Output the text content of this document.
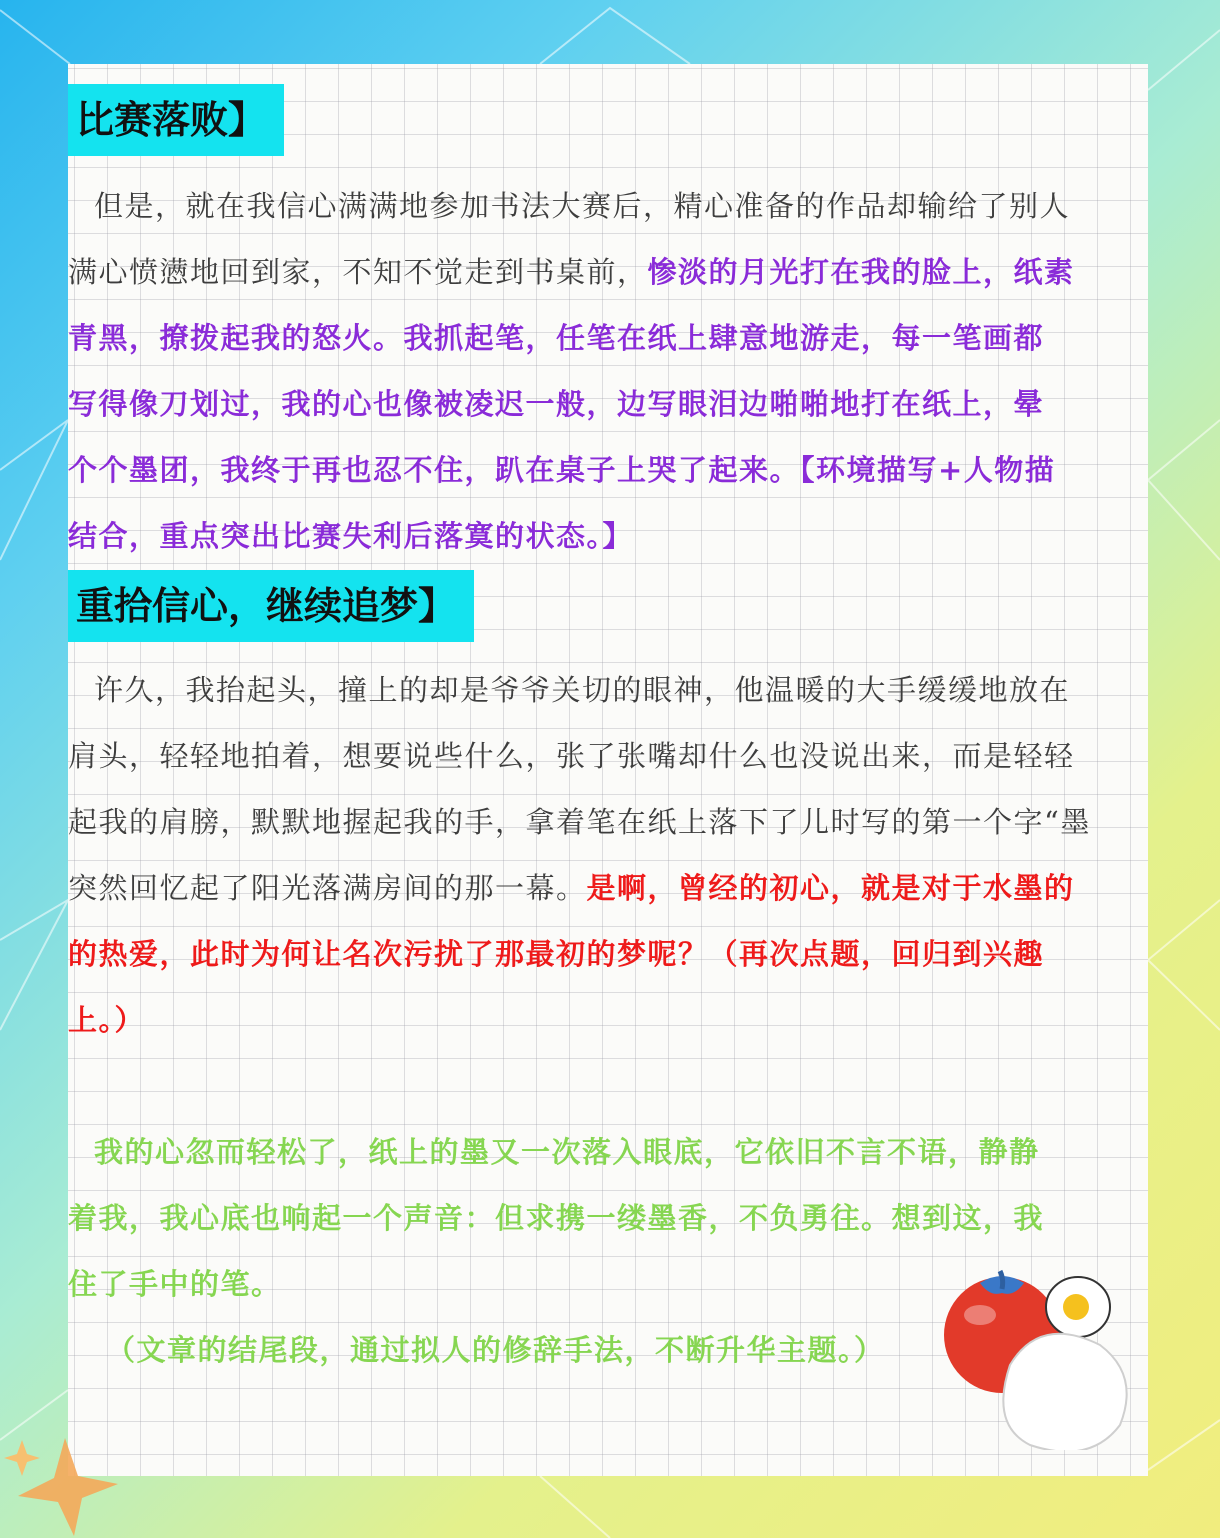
比赛落败】
但是，就在我信心满满地参加书法大赛后，精心准备的作品却输给了别人
满心愤懑地回到家，不知不觉走到书桌前，惨淡的月光打在我的脸上，纸素
青黑，撩拨起我的怒火。我抓起笔，任笔在纸上肆意地游走，每一笔画都
写得像刀划过，我的心也像被凌迟一般，边写眼泪边啪啪地打在纸上，晕
个个墨团，我终于再也忍不住，趴在桌子上哭了起来。【环境描写+人物描
结合，重点突出比赛失利后落寞的状态。】
重拾信心，继续追梦】
许久，我抬起头，撞上的却是爷爷关切的眼神，他温暖的大手缓缓地放在
肩头，轻轻地拍着，想要说些什么，张了张嘴却什么也没说出来，而是轻轻
起我的肩膀，默默地握起我的手，拿着笔在纸上落下了儿时写的第一个字“墨
突然回忆起了阳光落满房间的那一幕。是啊，曾经的初心，就是对于水墨的
的热爱，此时为何让名次污扰了那最初的梦呢？（再次点题，回归到兴趣
上。）
我的心忽而轻松了，纸上的墨又一次落入眼底，它依旧不言不语，静静
着我，我心底也响起一个声音：但求携一缕墨香，不负勇往。想到这，我
住了手中的笔。
（文章的结尾段，通过拟人的修辞手法，不断升华主题。）
